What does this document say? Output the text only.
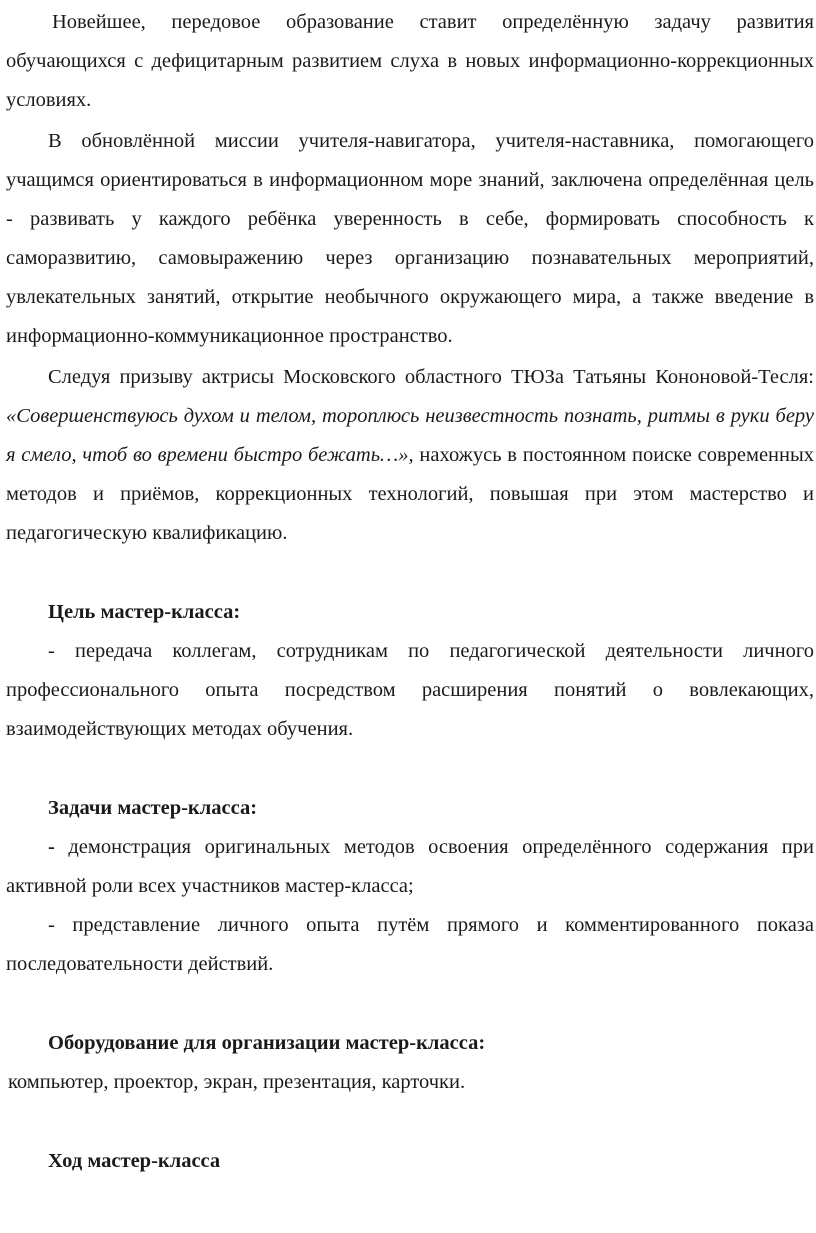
Новейшее, передовое образование ставит определённую задачу развития обучающихся с дефицитарным развитием слуха в новых информационно-коррекционных условиях.

В обновлённой миссии учителя-навигатора, учителя-наставника, помогающего учащимся ориентироваться в информационном море знаний, заключена определённая цель - развивать у каждого ребёнка уверенность в себе, формировать способность к саморазвитию, самовыражению через организацию познавательных мероприятий, увлекательных занятий, открытие необычного окружающего мира, а также введение в информационно-коммуникационное пространство.

Следуя призыву актрисы Московского областного ТЮЗа Татьяны Кононовой-Тесля: «Совершенствуюсь духом и телом, тороплюсь неизвестность познать, ритмы в руки беру я смело, чтоб во времени быстро бежать…», нахожусь в постоянном поиске современных методов и приёмов, коррекционных технологий, повышая при этом мастерство и педагогическую квалификацию.

Цель мастер-класса:

- передача коллегам, сотрудникам по педагогической деятельности личного профессионального опыта посредством расширения понятий о вовлекающих, взаимодействующих методах обучения.

Задачи мастер-класса:

- демонстрация оригинальных методов освоения определённого содержания при активной роли всех участников мастер-класса;

- представление личного опыта путём прямого и комментированного показа последовательности действий.

Оборудование для организации мастер-класса:

компьютер, проектор, экран, презентация, карточки.

Ход мастер-класса
